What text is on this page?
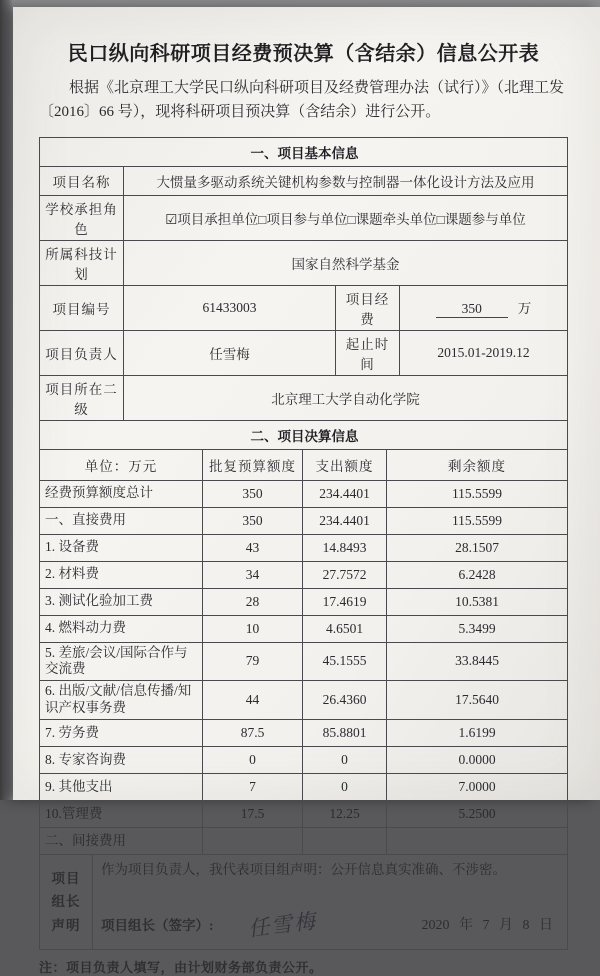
民口纵向科研项目经费预决算（含结余）信息公开表

根据《北京理工大学民口纵向科研项目及经费管理办法（试行）》（北理工发〔2016〕66 号），现将科研项目预决算（含结余）进行公开。

一、项目基本信息			
项目名称	大惯量多驱动系统关键机构参数与控制器一体化设计方法及应用		
学校承担角色	☑项目承担单位□项目参与单位□课题牵头单位□课题参与单位		
所属科技计划	国家自然科学基金		
项目编号	61433003	项目经费	350 万
项目负责人	任雪梅	起止时间	2015.01-2019.12
项目所在二级	北京理工大学自动化学院		
二、项目决算信息			
单位：万元	批复预算额度	支出额度	剩余额度
经费预算额度总计	350	234.4401	115.5599
一、直接费用	350	234.4401	115.5599
1. 设备费	43	14.8493	28.1507
2. 材料费	34	27.7572	6.2428
3. 测试化验加工费	28	17.4619	10.5381
4. 燃料动力费	10	4.6501	5.3499
5. 差旅/会议/国际合作与交流费	79	45.1555	33.8445
6. 出版/文献/信息传播/知识产权事务费	44	26.4360	17.5640
7. 劳务费	87.5	85.8801	1.6199
8. 专家咨询费	0	0	0.0000
9. 其他支出	7	0	7.0000
10.管理费	17.5	12.25	5.2500
二、间接费用			
项目
组长
声明
作为项目负责人，我代表项目组声明：公开信息真实准确、不涉密。
项目组长（签字）: 任雪梅	2020 年 7 月 8 日
注：项目负责人填写，由计划财务部负责公开。
